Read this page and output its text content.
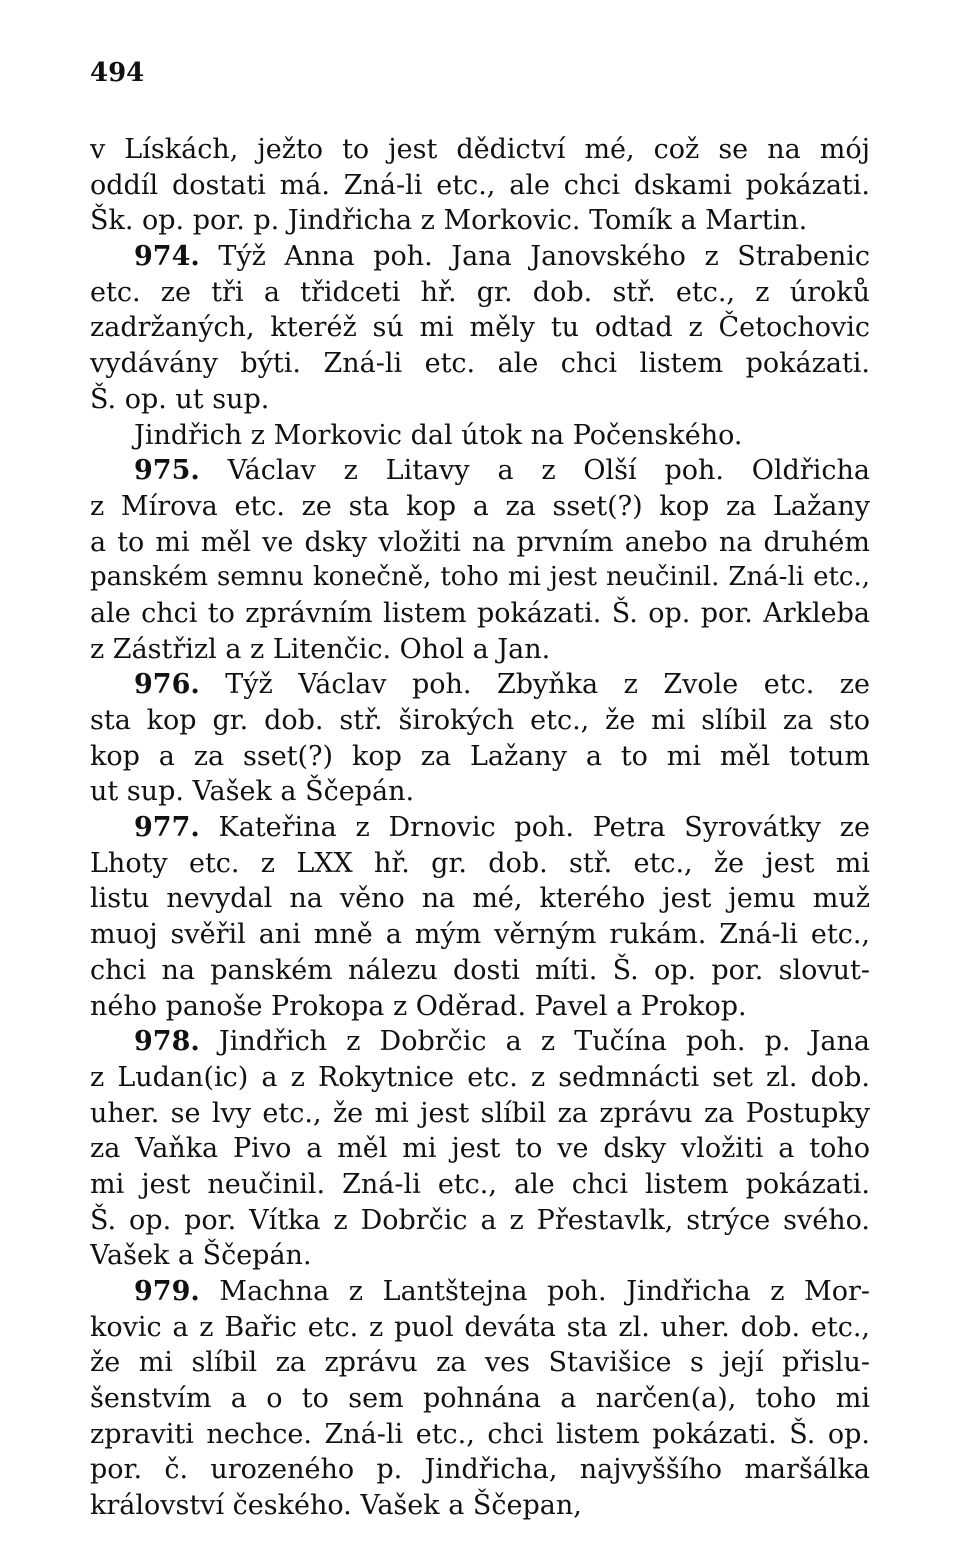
494

v Lískách, ježto to jest dědictví mé, což se na mój
oddíl dostati má. Zná-li etc., ale chci dskami pokázati.
Šk. op. por. p. Jindřicha z Morkovic. Tomík a Martin.
974. Týž Anna poh. Jana Janovského z Strabenic
etc. ze tři a třidceti hř. gr. dob. stř. etc., z úroků
zadržaných, kteréž sú mi měly tu odtad z Četochovic
vydávány býti. Zná-li etc. ale chci listem pokázati.
Š. op. ut sup.
Jindřich z Morkovic dal útok na Počenského.
975. Václav z Litavy a z Olší poh. Oldřicha
z Mírova etc. ze sta kop a za sset(?) kop za Lažany
a to mi měl ve dsky vložiti na prvním anebo na druhém
panském semnu konečně, toho mi jest neučinil. Zná-li etc.,
ale chci to zprávním listem pokázati. Š. op. por. Arkleba
z Zástřizl a z Litenčic. Ohol a Jan.
976. Týž Václav poh. Zbyňka z Zvole etc. ze
sta kop gr. dob. stř. širokých etc., že mi slíbil za sto
kop a za sset(?) kop za Lažany a to mi měl totum
ut sup. Vašek a Ščepán.
977. Kateřina z Drnovic poh. Petra Syrovátky ze
Lhoty etc. z LXX hř. gr. dob. stř. etc., že jest mi
listu nevydal na věno na mé, kterého jest jemu muž
muoj svěřil ani mně a mým věrným rukám. Zná-li etc.,
chci na panském nálezu dosti míti. Š. op. por. slovut-
ného panoše Prokopa z Oděrad. Pavel a Prokop.
978. Jindřich z Dobrčic a z Tučína poh. p. Jana
z Ludan(ic) a z Rokytnice etc. z sedmnácti set zl. dob.
uher. se lvy etc., že mi jest slíbil za zprávu za Postupky
za Vaňka Pivo a měl mi jest to ve dsky vložiti a toho
mi jest neučinil. Zná-li etc., ale chci listem pokázati.
Š. op. por. Vítka z Dobrčic a z Přestavlk, strýce svého.
Vašek a Ščepán.
979. Machna z Lantštejna poh. Jindřicha z Mor-
kovic a z Bařic etc. z puol deváta sta zl. uher. dob. etc.,
že mi slíbil za zprávu za ves Stavišice s její přislu-
šenstvím a o to sem pohnána a narčen(a), toho mi
zpraviti nechce. Zná-li etc., chci listem pokázati. Š. op.
por. č. urozeného p. Jindřicha, najvyššího maršálka
království českého. Vašek a Ščepan,
